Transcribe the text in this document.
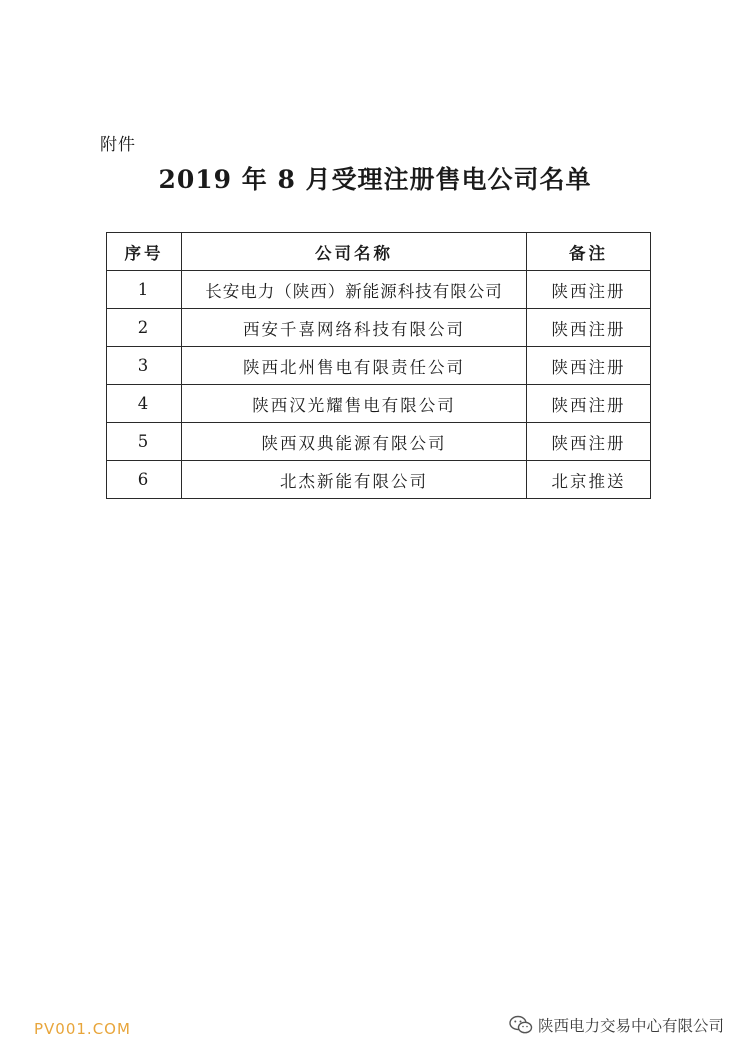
附件
2019 年 8 月受理注册售电公司名单
序号	公司名称	备注
1	长安电力（陕西）新能源科技有限公司	陕西注册
2	西安千喜网络科技有限公司	陕西注册
3	陕西北州售电有限责任公司	陕西注册
4	陕西汉光耀售电有限公司	陕西注册
5	陕西双典能源有限公司	陕西注册
6	北杰新能有限公司	北京推送
PV001.COM	陕西电力交易中心有限公司
